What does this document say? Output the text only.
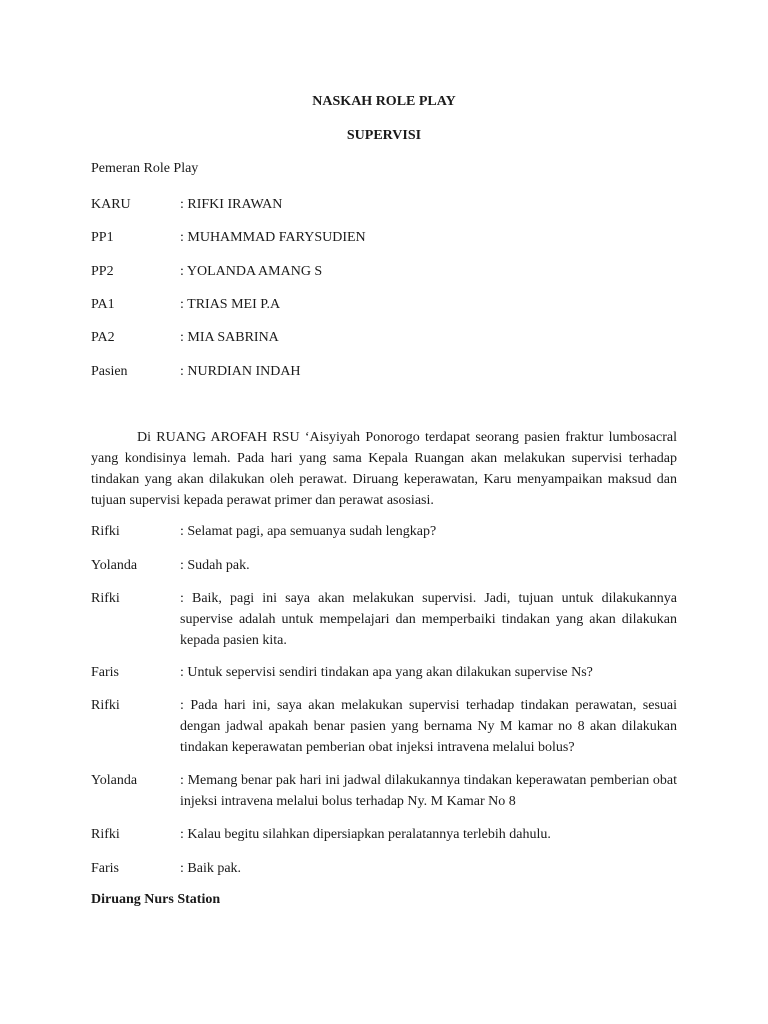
NASKAH ROLE PLAY
SUPERVISI
Pemeran Role Play
KARU	: RIFKI IRAWAN
PP1	: MUHAMMAD FARYSUDIEN
PP2	: YOLANDA AMANG S
PA1	: TRIAS MEI P.A
PA2	: MIA SABRINA
Pasien	: NURDIAN INDAH
Di RUANG AROFAH RSU ‘Aisyiyah Ponorogo terdapat seorang pasien fraktur lumbosacral yang kondisinya lemah. Pada hari yang sama Kepala Ruangan akan melakukan supervisi terhadap tindakan yang akan dilakukan oleh perawat. Diruang keperawatan, Karu menyampaikan maksud dan tujuan supervisi kepada perawat primer dan perawat asosiasi.
Rifki	: Selamat pagi, apa semuanya sudah lengkap?
Yolanda	: Sudah pak.
Rifki	: Baik, pagi ini saya akan melakukan supervisi. Jadi, tujuan untuk dilakukannya supervise adalah untuk mempelajari dan memperbaiki tindakan yang akan dilakukan kepada pasien kita.
Faris	: Untuk sepervisi sendiri tindakan apa yang akan dilakukan supervise Ns?
Rifki	: Pada hari ini, saya akan melakukan supervisi terhadap tindakan perawatan, sesuai dengan jadwal apakah benar pasien yang bernama Ny M kamar no 8 akan dilakukan tindakan keperawatan pemberian obat injeksi intravena melalui bolus?
Yolanda	: Memang benar pak hari ini jadwal dilakukannya tindakan keperawatan pemberian obat injeksi intravena melalui bolus terhadap Ny. M Kamar No 8
Rifki	: Kalau begitu silahkan dipersiapkan peralatannya terlebih dahulu.
Faris	: Baik pak.
Diruang Nurs Station
